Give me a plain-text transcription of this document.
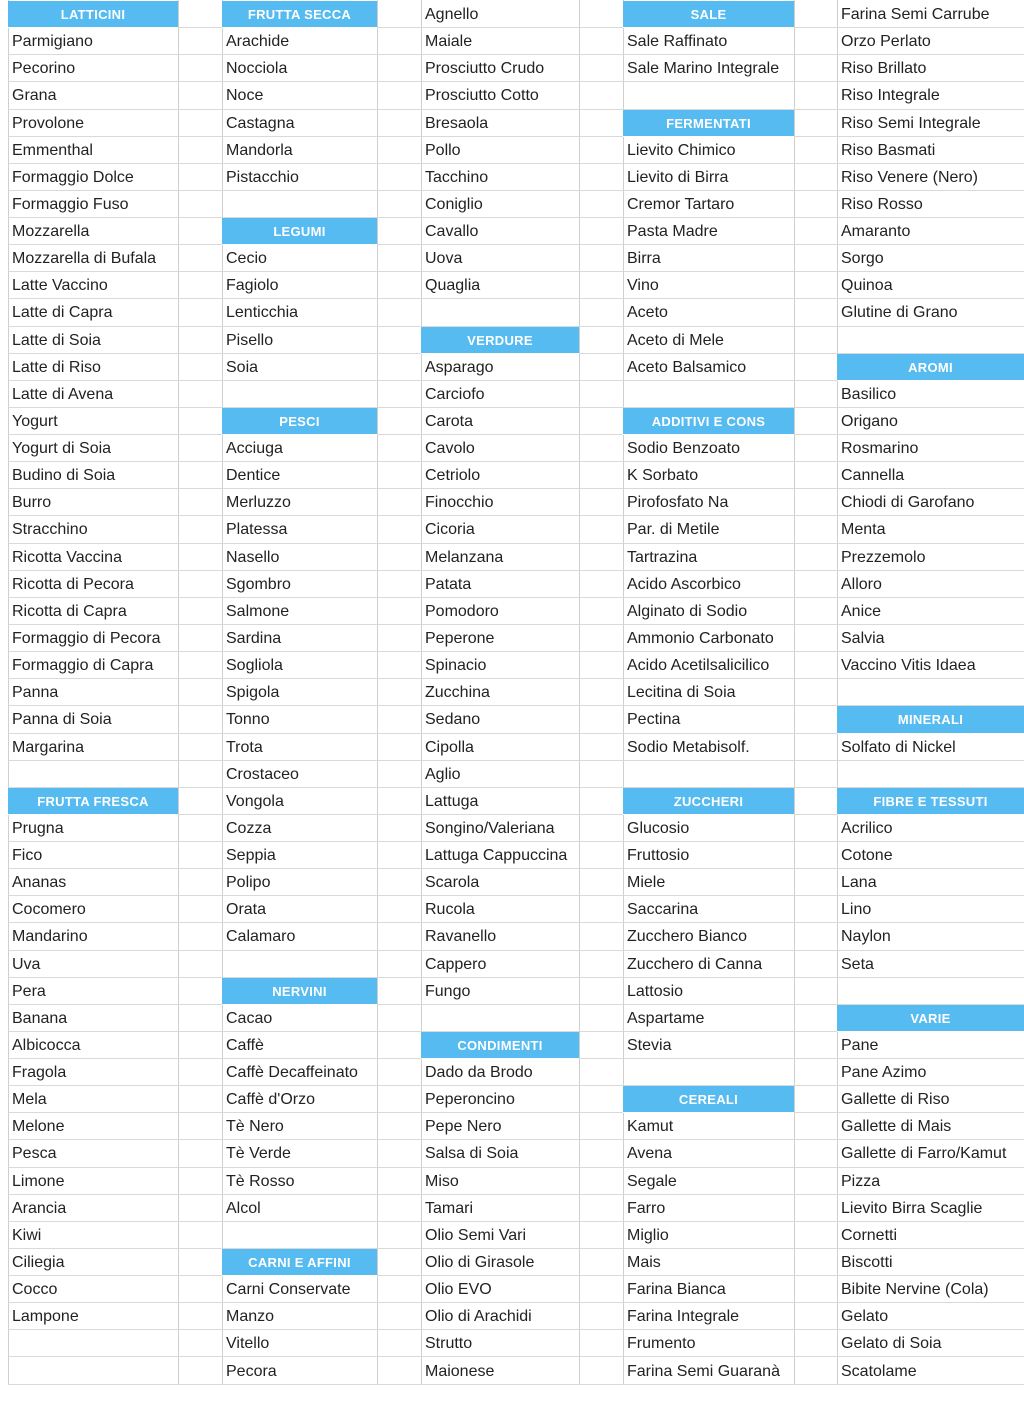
LATTICINI
Parmigiano
Pecorino
Grana
Provolone
Emmenthal
Formaggio Dolce
Formaggio Fuso
Mozzarella
Mozzarella di Bufala
Latte Vaccino
Latte di Capra
Latte di Soia
Latte di Riso
Latte di Avena
Yogurt
Yogurt di Soia
Budino di Soia
Burro
Stracchino
Ricotta Vaccina
Ricotta di Pecora
Ricotta di Capra
Formaggio di Pecora
Formaggio di Capra
Panna
Panna di Soia
Margarina
FRUTTA FRESCA
Prugna
Fico
Ananas
Cocomero
Mandarino
Uva
Pera
Banana
Albicocca
Fragola
Mela
Melone
Pesca
Limone
Arancia
Kiwi
Ciliegia
Cocco
Lampone
FRUTTA SECCA
Arachide
Nocciola
Noce
Castagna
Mandorla
Pistacchio
LEGUMI
Cecio
Fagiolo
Lenticchia
Pisello
Soia
PESCI
Acciuga
Dentice
Merluzzo
Platessa
Nasello
Sgombro
Salmone
Sardina
Sogliola
Spigola
Tonno
Trota
Crostaceo
Vongola
Cozza
Seppia
Polipo
Orata
Calamaro
NERVINI
Cacao
Caffè
Caffè Decaffeinato
Caffè d'Orzo
Tè Nero
Tè Verde
Tè Rosso
Alcol
CARNI E AFFINI
Carni Conservate
Manzo
Vitello
Pecora
Agnello
Maiale
Prosciutto Crudo
Prosciutto Cotto
Bresaola
Pollo
Tacchino
Coniglio
Cavallo
Uova
Quaglia
VERDURE
Asparago
Carciofo
Carota
Cavolo
Cetriolo
Finocchio
Cicoria
Melanzana
Patata
Pomodoro
Peperone
Spinacio
Zucchina
Sedano
Cipolla
Aglio
Lattuga
Songino/Valeriana
Lattuga Cappuccina
Scarola
Rucola
Ravanello
Cappero
Fungo
CONDIMENTI
Dado da Brodo
Peperoncino
Pepe Nero
Salsa di Soia
Miso
Tamari
Olio Semi Vari
Olio di Girasole
Olio EVO
Olio di Arachidi
Strutto
Maionese
SALE
Sale Raffinato
Sale Marino Integrale
FERMENTATI
Lievito Chimico
Lievito di Birra
Cremor Tartaro
Pasta Madre
Birra
Vino
Aceto
Aceto di Mele
Aceto Balsamico
ADDITIVI E CONS
Sodio Benzoato
K Sorbato
Pirofosfato Na
Par. di Metile
Tartrazina
Acido Ascorbico
Alginato di Sodio
Ammonio Carbonato
Acido Acetilsalicilico
Lecitina di Soia
Pectina
Sodio Metabisolf.
ZUCCHERI
Glucosio
Fruttosio
Miele
Saccarina
Zucchero Bianco
Zucchero di Canna
Lattosio
Aspartame
Stevia
CEREALI
Kamut
Avena
Segale
Farro
Miglio
Mais
Farina Bianca
Farina Integrale
Frumento
Farina Semi Guaranà
Farina Semi Carrube
Orzo Perlato
Riso Brillato
Riso Integrale
Riso Semi Integrale
Riso Basmati
Riso Venere (Nero)
Riso Rosso
Amaranto
Sorgo
Quinoa
Glutine di Grano
AROMI
Basilico
Origano
Rosmarino
Cannella
Chiodi di Garofano
Menta
Prezzemolo
Alloro
Anice
Salvia
Vaccino Vitis Idaea
MINERALI
Solfato di Nickel
FIBRE E TESSUTI
Acrilico
Cotone
Lana
Lino
Naylon
Seta
VARIE
Pane
Pane Azimo
Gallette di Riso
Gallette di Mais
Gallette di Farro/Kamut
Pizza
Lievito Birra Scaglie
Cornetti
Biscotti
Bibite Nervine (Cola)
Gelato
Gelato di Soia
Scatolame
